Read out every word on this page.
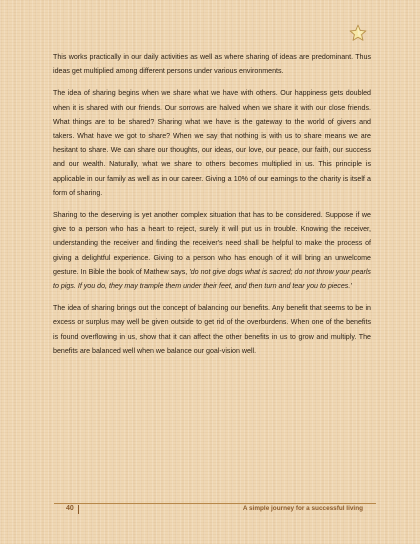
This works practically in our daily activities as well as where sharing of ideas are predominant. Thus ideas get multiplied among different persons under various environments.

The idea of sharing begins when we share what we have with others. Our happiness gets doubled when it is shared with our friends. Our sorrows are halved when we share it with our close friends. What things are to be shared? Sharing what we have is the gateway to the world of givers and takers. What have we got to share? When we say that nothing is with us to share means we are hesitant to share. We can share our thoughts, our ideas, our love, our peace, our faith, our success and our wealth. Naturally, what we share to others becomes multiplied in us. This principle is applicable in our family as well as in our career. Giving a 10% of our earnings to the charity is itself a form of sharing.

Sharing to the deserving is yet another complex situation that has to be considered. Suppose if we give to a person who has a heart to reject, surely it will put us in trouble. Knowing the receiver, understanding the receiver and finding the receiver's need shall be helpful to make the process of giving a delightful experience. Giving to a person who has enough of it will bring an unwelcome gesture. In Bible the book of Mathew says, 'do not give dogs what is sacred; do not throw your pearls to pigs. If you do, they may trample them under their feet, and then turn and tear you to pieces.'

The idea of sharing brings out the concept of balancing our benefits. Any benefit that seems to be in excess or surplus may well be given outside to get rid of the overburdens. When one of the benefits is found overflowing in us, show that it can affect the other benefits in us to grow and multiply. The benefits are balanced well when we balance our goal-vision well.

40	A simple journey for a successful living
